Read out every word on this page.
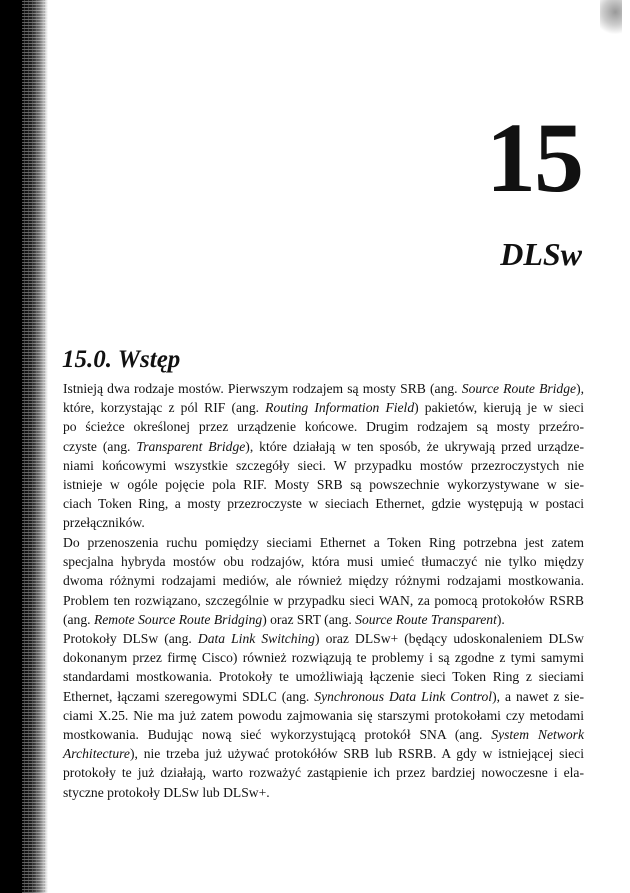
15
DLSw
15.0. Wstęp
Istnieją dwa rodzaje mostów. Pierwszym rodzajem są mosty SRB (ang. Source Route Bridge),
które, korzystając z pól RIF (ang. Routing Information Field) pakietów, kierują je w sieci
po ścieżce określonej przez urządzenie końcowe. Drugim rodzajem są mosty przeźro-
czyste (ang. Transparent Bridge), które działają w ten sposób, że ukrywają przed urządze-
niami końcowymi wszystkie szczegóły sieci. W przypadku mostów przezroczystych nie
istnieje w ogóle pojęcie pola RIF. Mosty SRB są powszechnie wykorzystywane w sie-
ciach Token Ring, a mosty przezroczyste w sieciach Ethernet, gdzie występują w postaci
przełączników.
Do przenoszenia ruchu pomiędzy sieciami Ethernet a Token Ring potrzebna jest zatem
specjalna hybryda mostów obu rodzajów, która musi umieć tłumaczyć nie tylko między
dwoma różnymi rodzajami mediów, ale również między różnymi rodzajami mostkowania.
Problem ten rozwiązano, szczególnie w przypadku sieci WAN, za pomocą protokołów RSRB
(ang. Remote Source Route Bridging) oraz SRT (ang. Source Route Transparent).
Protokoły DLSw (ang. Data Link Switching) oraz DLSw+ (będący udoskonaleniem DLSw
dokonanym przez firmę Cisco) również rozwiązują te problemy i są zgodne z tymi samymi
standardami mostkowania. Protokoły te umożliwiają łączenie sieci Token Ring z sieciami
Ethernet, łączami szeregowymi SDLC (ang. Synchronous Data Link Control), a nawet z sie-
ciami X.25. Nie ma już zatem powodu zajmowania się starszymi protokołami czy metodami
mostkowania. Budując nową sieć wykorzystującą protokół SNA (ang. System Network
Architecture), nie trzeba już używać protokółów SRB lub RSRB. A gdy w istniejącej sieci
protokoły te już działają, warto rozważyć zastąpienie ich przez bardziej nowoczesne i ela-
styczne protokoły DLSw lub DLSw+.
